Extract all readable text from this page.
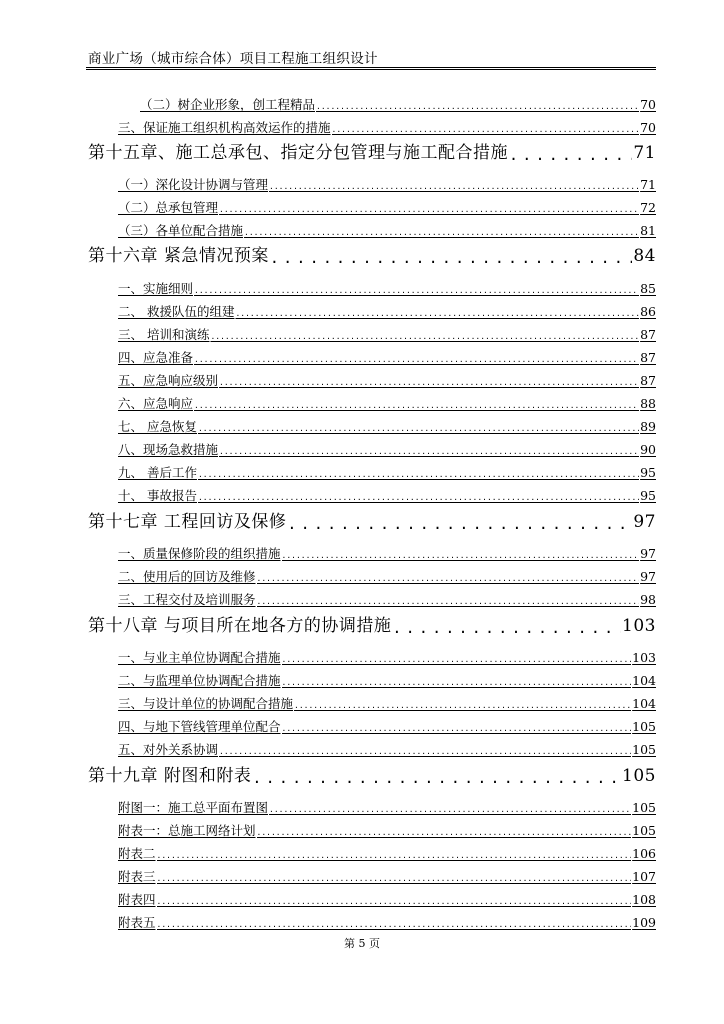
商业广场（城市综合体）项目工程施工组织设计
（二）树企业形象，创工程精品 .....	70
三、保证施工组织机构高效运作的措施 .....	70
第十五章、施工总承包、指定分包管理与施工配合措施 .....	71
（一）深化设计协调与管理 .....	71
（二）总承包管理 .....	72
（三）各单位配合措施 .....	81
第十六章 紧急情况预案 .....	84
一、实施细则 .....	85
二、 救援队伍的组建 .....	86
三、 培训和演练 .....	87
四、应急准备 .....	87
五、应急响应级别 .....	87
六、应急响应 .....	88
七、 应急恢复 .....	89
八、现场急救措施 .....	90
九、 善后工作 .....	95
十、 事故报告 .....	95
第十七章 工程回访及保修 .....	97
一、质量保修阶段的组织措施 .....	97
二、使用后的回访及维修 .....	97
三、工程交付及培训服务 .....	98
第十八章 与项目所在地各方的协调措施 .....	103
一、与业主单位协调配合措施 .....	103
二、与监理单位协调配合措施 .....	104
三、与设计单位的协调配合措施 .....	104
四、与地下管线管理单位配合 .....	105
五、对外关系协调 .....	105
第十九章 附图和附表 .....	105
附图一：施工总平面布置图 .....	105
附表一：总施工网络计划 .....	105
附表二 .....	106
附表三 .....	107
附表四 .....	108
附表五 .....	109
第 5 页
